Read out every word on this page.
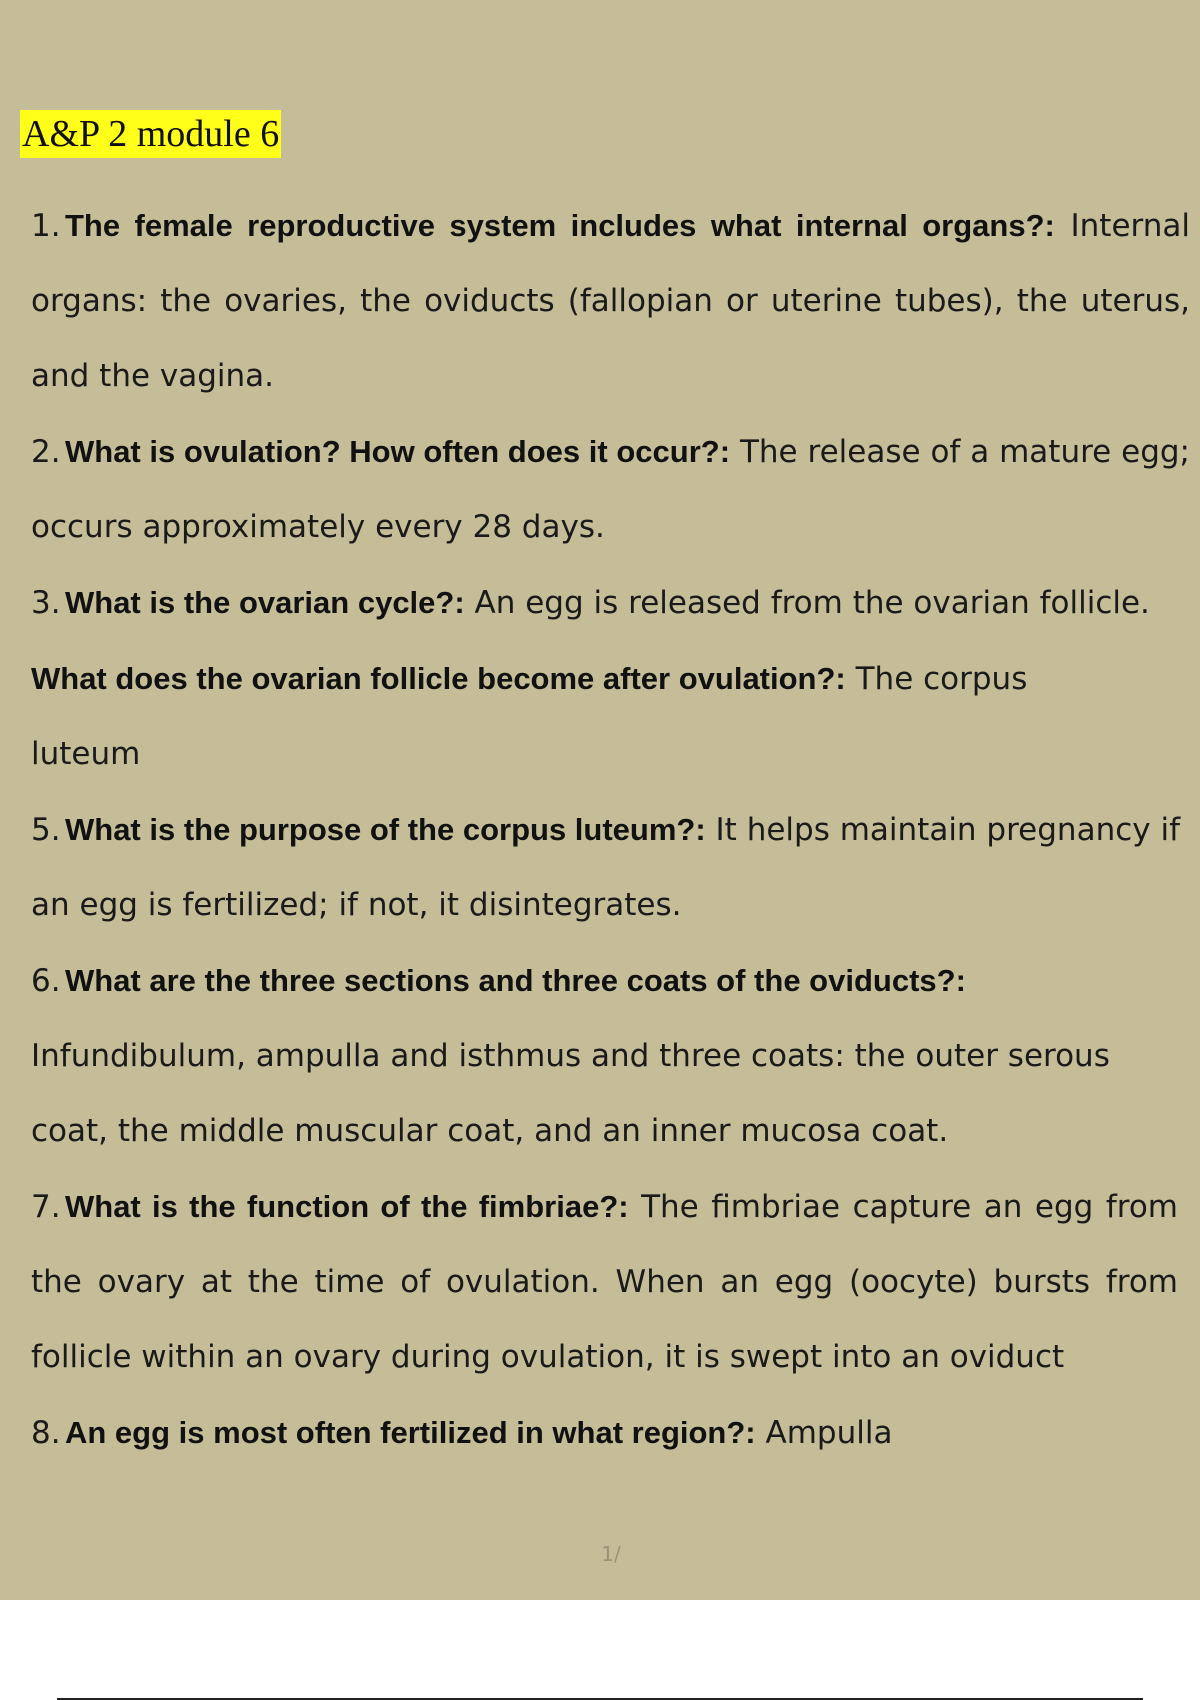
A&P 2 module 6
1. The female reproductive system includes what internal organs?: Internal organs: the ovaries, the oviducts (fallopian or uterine tubes), the uterus, and the vagina.
2. What is ovulation? How often does it occur?: The release of a mature egg; occurs approximately every 28 days.
3. What is the ovarian cycle?: An egg is released from the ovarian follicle.
What does the ovarian follicle become after ovulation?: The corpus luteum
5. What is the purpose of the corpus luteum?: It helps maintain pregnancy if an egg is fertilized; if not, it disintegrates.
6. What are the three sections and three coats of the oviducts?: Infundibulum, ampulla and isthmus and three coats: the outer serous coat, the middle muscular coat, and an inner mucosa coat.
7. What is the function of the fimbriae?: The fimbriae capture an egg from the ovary at the time of ovulation. When an egg (oocyte) bursts from follicle within an ovary during ovulation, it is swept into an oviduct
8. An egg is most often fertilized in what region?: Ampulla
1/
